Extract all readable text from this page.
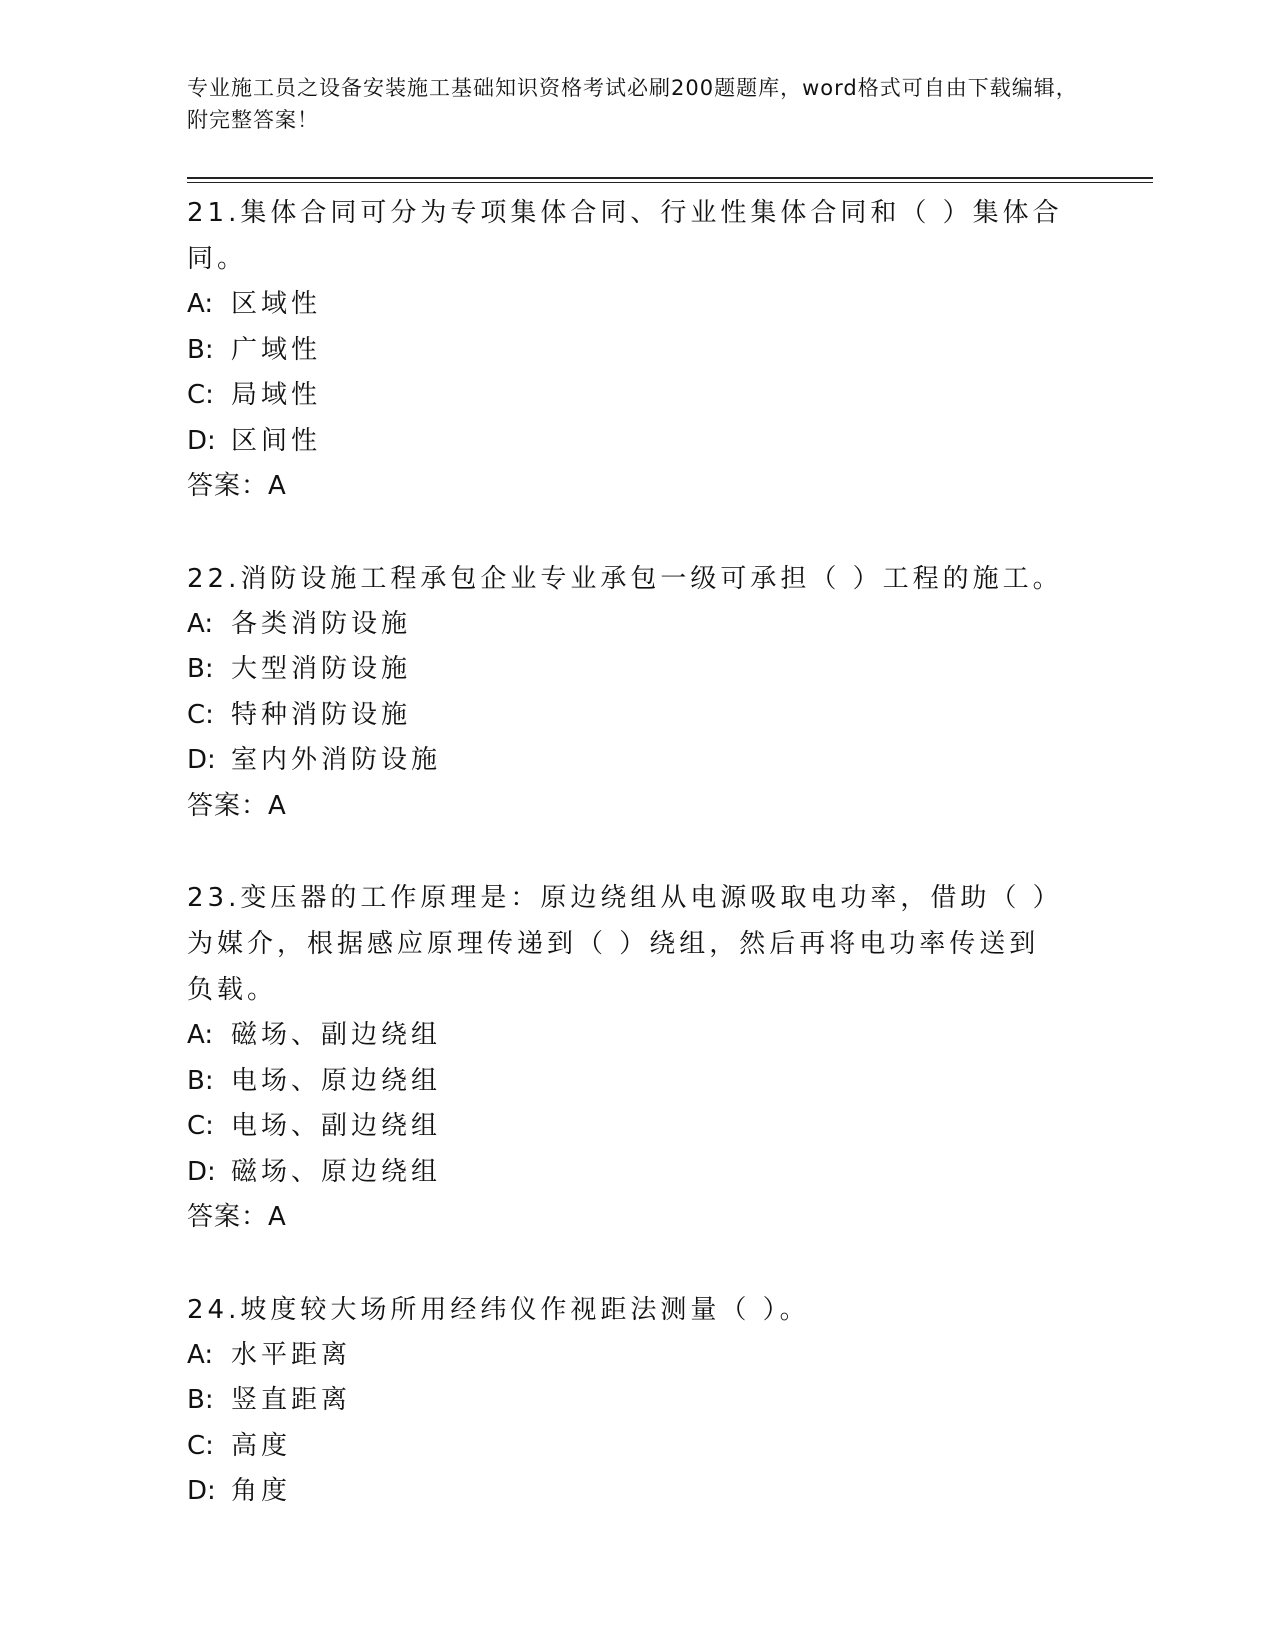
专业施工员之设备安装施工基础知识资格考试必刷200题题库，word格式可自由下载编辑，附完整答案！

21.集体合同可分为专项集体合同、行业性集体合同和（ ）集体合同。

A: 区域性

B: 广域性

C: 局域性

D: 区间性

答案：A

22.消防设施工程承包企业专业承包一级可承担（ ）工程的施工。

A: 各类消防设施

B: 大型消防设施

C: 特种消防设施

D: 室内外消防设施

答案：A

23.变压器的工作原理是：原边绕组从电源吸取电功率，借助（ ）为媒介，根据感应原理传递到（ ）绕组，然后再将电功率传送到负载。

A: 磁场、副边绕组

B: 电场、原边绕组

C: 电场、副边绕组

D: 磁场、原边绕组

答案：A

24.坡度较大场所用经纬仪作视距法测量（ ）。

A: 水平距离

B: 竖直距离

C: 高度

D: 角度
